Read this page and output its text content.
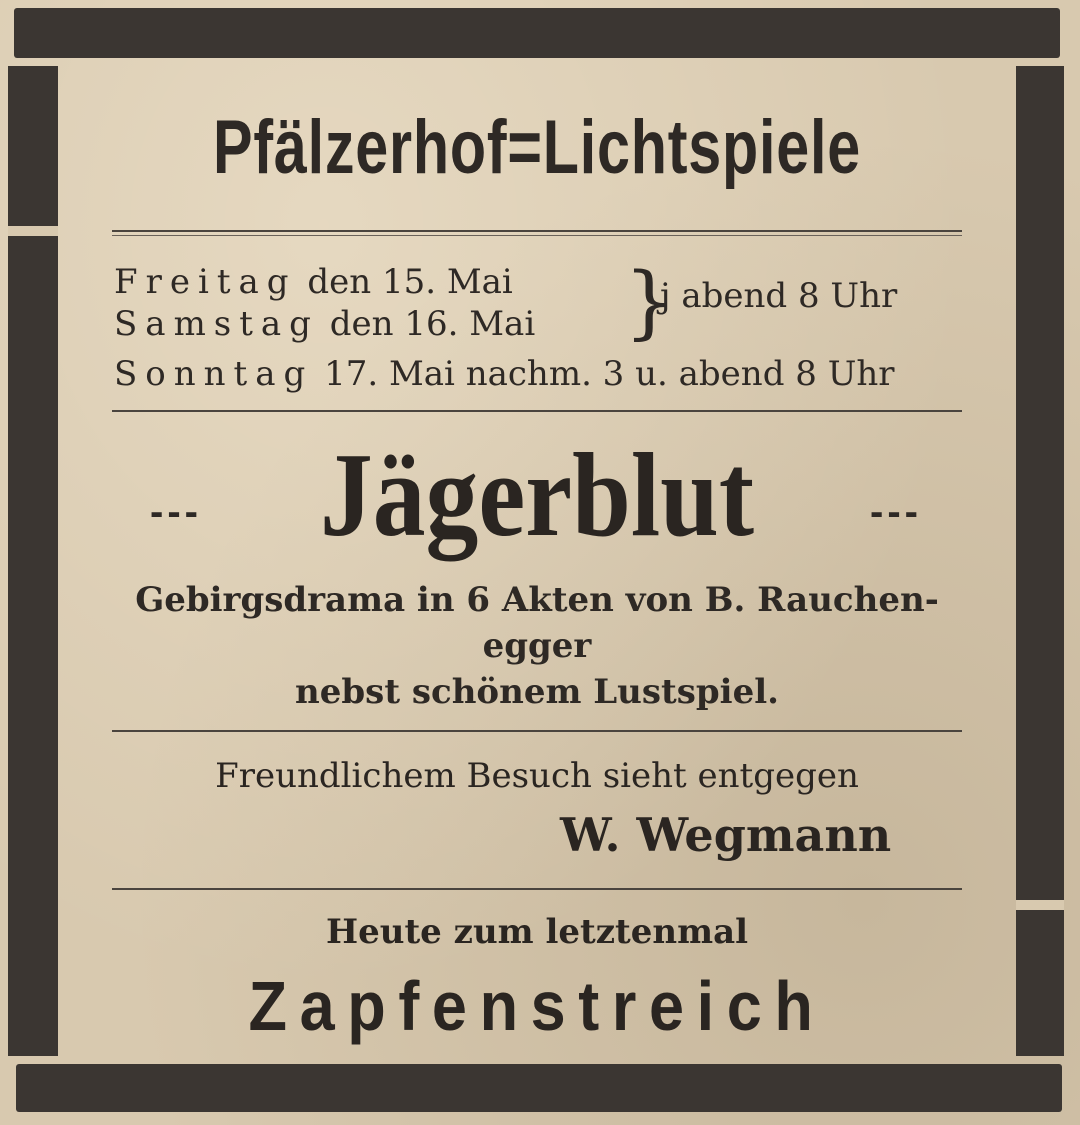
Pfälzerhof=Lichtspiele
Freitag den 15. Mai
Samstag den 16. Mai }
j abend 8 Uhr
Sonntag 17. Mai nachm. 3 u. abend 8 Uhr
--- Jägerblut	---
Gebirgsdrama in 6 Akten von B. Rauchen-
egger
nebst schönem Lustspiel.
Freundlichem Besuch sieht entgegen
W. Wegmann
Heute zum letztenmal
Zapfenstreich
